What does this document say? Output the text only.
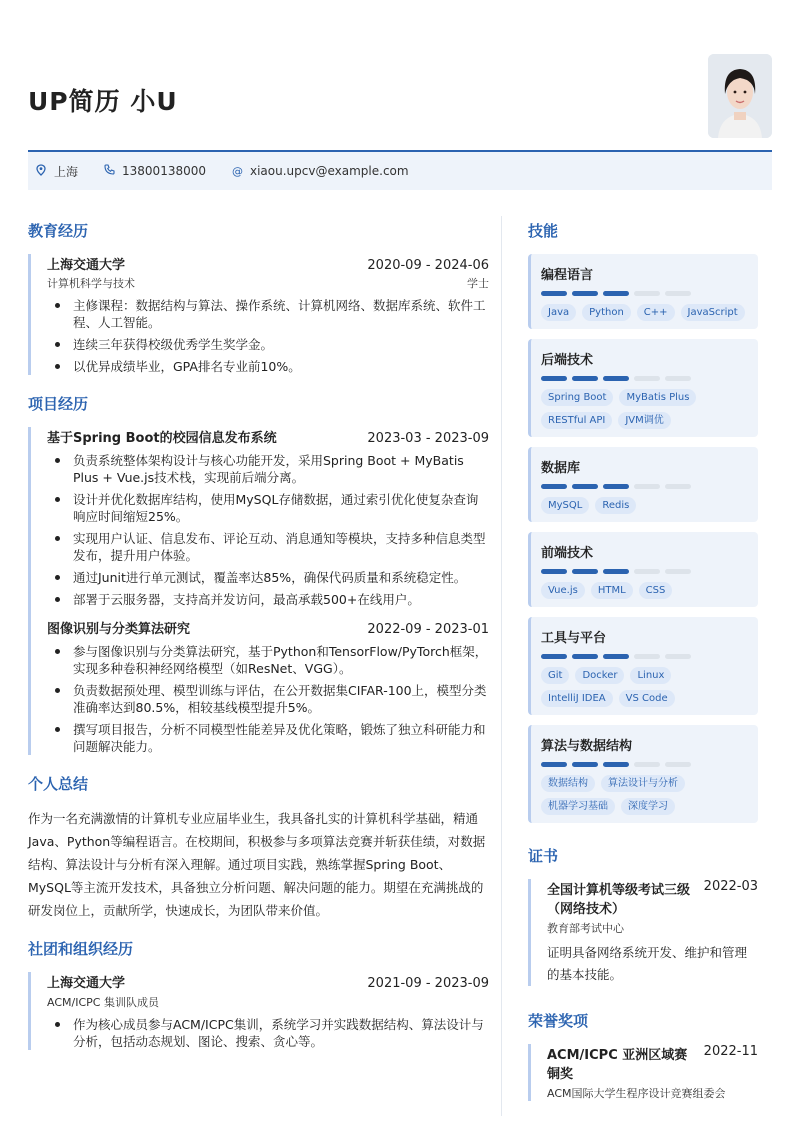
UP简历 小U
上海	13800138000 @ xiaou.upcv@example.com
教育经历
上海交通大学	2020-09 - 2024-06
计算机科学与技术	学士
主修课程：数据结构与算法、操作系统、计算机网络、数据库系统、软件工程、人工智能。
连续三年获得校级优秀学生奖学金。
以优异成绩毕业，GPA排名专业前10%。
项目经历
基于Spring Boot的校园信息发布系统	2023-03 - 2023-09
负责系统整体架构设计与核心功能开发，采用Spring Boot + MyBatis Plus + Vue.js技术栈，实现前后端分离。
设计并优化数据库结构，使用MySQL存储数据，通过索引优化使复杂查询响应时间缩短25%。
实现用户认证、信息发布、评论互动、消息通知等模块，支持多种信息类型发布，提升用户体验。
通过Junit进行单元测试，覆盖率达85%，确保代码质量和系统稳定性。
部署于云服务器，支持高并发访问，最高承载500+在线用户。
图像识别与分类算法研究	2022-09 - 2023-01
参与图像识别与分类算法研究，基于Python和TensorFlow/PyTorch框架，实现多种卷积神经网络模型（如ResNet、VGG）。
负责数据预处理、模型训练与评估，在公开数据集CIFAR-100上，模型分类准确率达到80.5%，相较基线模型提升5%。
撰写项目报告，分析不同模型性能差异及优化策略，锻炼了独立科研能力和问题解决能力。
个人总结
作为一名充满激情的计算机专业应届毕业生，我具备扎实的计算机科学基础，精通Java、Python等编程语言。在校期间，积极参与多项算法竞赛并斩获佳绩，对数据结构、算法设计与分析有深入理解。通过项目实践，熟练掌握Spring Boot、MySQL等主流开发技术，具备独立分析问题、解决问题的能力。期望在充满挑战的研发岗位上，贡献所学，快速成长，为团队带来价值。
社团和组织经历
上海交通大学	2021-09 - 2023-09
ACM/ICPC 集训队成员
作为核心成员参与ACM/ICPC集训，系统学习并实践数据结构、算法设计与分析，包括动态规划、图论、搜索、贪心等。
技能
编程语言
Java	Python	C++	JavaScript
后端技术
Spring Boot	MyBatis Plus
RESTful API	JVM调优
数据库
MySQL	Redis
前端技术
Vue.js	HTML	CSS
工具与平台
Git	Docker	Linux
IntelliJ IDEA	VS Code
算法与数据结构
数据结构	算法设计与分析
机器学习基础	深度学习
证书
全国计算机等级考试三级（网络技术）
2022-03
教育部考试中心
证明具备网络系统开发、维护和管理的基本技能。
荣誉奖项
ACM/ICPC 亚洲区域赛 铜奖
2022-11
ACM国际大学生程序设计竞赛组委会
